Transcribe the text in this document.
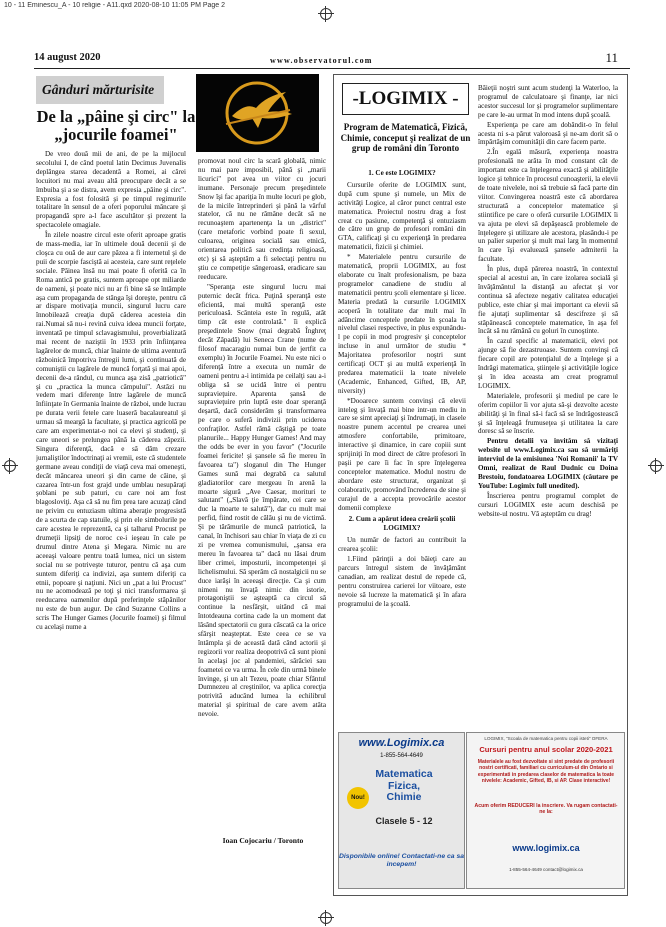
10 - 11 Eminescu_A - 10 religie - A11.qxd 2020-08-10 11:05 PM Page 2
14 august 2020	www.observatorul.com	11
Gânduri mărturisite
De la „pâine şi circ" la „jocurile foamei"

De vreo două mii de ani, de pe la mijlocul secolului I, de când poetul latin Decimus Juvenalis deplângea starea decadentă a Romei, ai cărei locuitori nu mai aveau altă preocupare decât a se îmbuiba şi a se distra, avem expresia „pâine şi circ". Expresia a fost folosită şi pe timpul regimurile totalitare în sensul de a oferi poporului mâncare şi propagandă spre a-l face ascultător şi prezent la spectacolele omagiale.

În zilele noastre circul este oferit aproape gratis de mass-media, iar în ultimele două decenii şi de cloşca cu ouă de aur care păzea a fi internetul şi de puii de scorpie fasciştă ai acesteia, care sunt reţelele sociale. Pâinea însă nu mai poate fi oferită ca în Roma antică pe gratis, suntem aproape opt miliarde de oameni, şi poate nici nu ar fi bine să se întâmple aşa cum propaganda de stânga îşi doreşte, pentru că ar dispare motivaţia muncii, singurul lucru care înnobilează creaţia după căderea acesteia din rai.Numai să nu-i revină cuiva ideea muncii forţate, inventată pe timpul sclavagismului, proverbializată mai recent de naziştii în 1933 prin înfiinţarea lagărelor de muncă, chiar înainte de ultima aventură războinică împotriva întregii lumi, şi continuată de comuniştii cu lagărele de muncă forţată şi mai apoi, decenii de-a rândul, cu munca aşa zisă „patriotică" şi cu „practica la munca câmpului". Astăzi nu vedem mari diferenţe între lagărele de muncă înfiinţate în Germania înainte de război, unde lucrau pe durata verii fetele care luaseră bacalaureatul şi urmau să meargă la facultate, şi practica agricolă pe care am experimentat-o noi ca elevi şi studenţi, şi care uneori se prelungea până la căderea zăpezii. Singura diferenţă, dacă e să dăm crezare jurnaliştilor îndoctrinaţi ai vremii, este că studentele germane aveau condiţii de viaţă ceva mai omeneşti, decât mâncarea uneori şi din carne de câine, şi cazarea într-un fost grajd unde umblau nesupăraţi şoblani pe sub paturi, cu care noi am fost blagosloviţi. Aşa că să nu fim prea tare acuzaţi când ne privim cu entuziasm ultima aberaţie progresistă de a scurta de cap statuile, şi prin ele simbolurile pe care acestea le reprezentă, ca şi talharul Procust pe drumeţii lipsiţi de noroc ce-i ieşeau în cale pe drumul dintre Atena şi Megara. Nimic nu are aceeaşi valoare pentru toată lumea, nici un sistem social nu se potriveşte tuturor, pentru că aşa cum suntem diferiţi ca indivizi, aşa suntem diferiţi ca etnii, popoare şi naţiuni. Nici un „pat a lui Procust" nu ne acomodează pe toţi şi nici transformarea şi reeducarea oamenilor după preferinţele stăpânilor nu este de bun augur. De când Suzanne Collins a scris The Hunger Games (Jocurile foamei) şi filmul cu acelaşi nume a

promovat noul circ la scară globală, nimic nu mai pare imposibil, până şi „marii licurici" pot avea un viitor cu jocuri inumane. Personaje precum preşedintele Snow îşi fac apariţia în multe locuri pe glob, de la micile întreprinderi şi până la vârful statelor, că nu ne rămâne decât să ne recunoaştem apartenenţa la un „district" (care metaforic vorbind poate fi sexul, culoarea, originea socială sau etnică, orientarea politică sau credinţa religioasă, etc) şi să aşteptăm a fi selectaţi pentru nu ştiu ce competiţie sângeroasă, eradicare sau reeducare.

"Speranţa este singurul lucru mai puternic decât frica. Puţină speranţă este eficientă, mai multă speranţă este periculoasă. Scânteia este în regulă, atât timp cât este controlată." îi explică preşedintele Snow (mai degrabă Înghreţ decât Zăpadă) lui Seneca Crane (nume de filosof macaragiu numai bun de jertfit ca exemplu) în Jocurile Foamei. Nu este nici o diferenţă între a executa un număr de oameni pentru a-i intimida pe ceilalţi sau a-i obliga să se ucidă între ei pentru supravieţuire. Aparenta şansă de supravieţuire prin luptă este doar speranţă deşartă, dacă considerăm şi transformarea pe care o suferă indivizii prin uciderea confraţilor. Astfel rămâ câştigă pe toate planurile... Happy Hunger Games! And may the odds be ever in you favor" ("Jocurile foamei fericite! şi şansele să fie mereu în favoarea ta") sloganul din The Hunger Games sună mai degrabă ca salutul gladiatorilor care mergeau în arenă la moarte sigură „Ave Caesar, morituri te salutant" („Slavă ţie împărate, cei care se duc la moarte te salută"), dar cu mult mai perfid, fiind rostit de călău şi nu de victimă. Şi pe tărâmurile de muncă patriotică, la canal, în închisori sau chiar în viaţa de zi cu zi pe vremea comunismului, „şansa era mereu în favoarea ta" dacă nu lăsai drum liber crimei, imposturii, incompetenţei şi lichelismului. Să sperăm că nostalgicii nu se duce iarăşi în aceeaşi direcţie. Ca şi cum nimeni nu învaţă nimic din istorie, protagoniştii se aşteaptă ca circul să continue la nesfârşit, uitând că mai întotdeauna cortina cade la un moment dat lăsând spectatorii cu gura căscată ca la orice sfârşit neaşteptat. Este ceea ce se va întâmpla şi de această dată când actorii şi regizorii vor realiza deopotrivă că sunt pioni în acelaşi joc al pandemiei, sărăciei sau foametei ce va urma. În cele din urmă binele învinge, şi un alt Tezeu, poate chiar Sfântul Dumnezeu al creştinilor, va aplica corecţia potrivită aducând lumea la echilibrul material şi spiritual de care avem atâta nevoie.

Ioan Cojocariu / Toronto
-LOGIMIX -
Program de Matematică, Fizică, Chimie, conceput şi realizat de un grup de români din Toronto

1. Ce este LOGIMIX?

Cursurile oferite de LOGIMIX sunt, după cum spune şi numele, un Mix de activităţi Logice, al căror punct central este matematica. Proiectul nostru drag a fost creat cu pasiune, competenţă şi entuziasm de către un grup de profesori români din GTA, calificaţi şi cu experienţă în predarea matematicii, fizicii şi chimiei.

* Materialele pentru cursurile de matematică, proprii LOGIMIX, au fost elaborate cu înalt profesionalism, pe baza programelor canadiene de studiu al matematicii pentru şcoli elementare şi licee. Materia predată la cursurile LOGIMIX acoperă în totalitate dar mult mai în adâncime conceptele predate în şcoala la nivelul clasei respective, in plus expunându-l pe copii in mod progresiv şi conceptelor incluse in anul următor de studiu * Majoritatea profesorilor noştri sunt certificaţi OCT şi au multă experienţă în predarea matematicii la toate nivelele (Academic, Enhanced, Gifted, IB, AP, niversity)

*Dooarece suntem convinşi că elevii inteleg şi învaţă mai bine intr-un mediu in care se simt apreciaţi şi îndrumaţi, in clasele noastre punem accentul pe crearea unei atmosfere confortabile, primitoare, interactive şi dinamice, in care copiii sunt sprijiniţi în mod direct de către profesori în paşii pe care îi fac în spre înţelegerea conceptelor matematice. Modul nostru de abordare este structurat, organizat şi colaborativ, promovând încrederea de sine şi curajul de a accepta provocările acestor domenii complexe

2. Cum a apărut ideea creării şcolii LOGIMIX?

Un număr de factori au contribuit la crearea şcolii:

1.Fiind părinţii a doi băieţi care au parcurs întregul sistem de învăţământ canadian, am realizat destul de repede că, pentru construirea carierei lor viitoare, este nevoie să lucreze la matematică şi în afara programului de la şcoală.

Băieţii noştri sunt acum studenţi la Waterloo, la programul de calculatoare şi finanţe, iar nici acestor succesul lor şi programelor suplimentare pe care le-au urmat în mod intens după şcoală.

Experienţa pe care am dobândit-o în felul acesta ni s-a părut valoroasă şi ne-am dorit să o împărtăşim comunităţii din care facem parte.

2.În egală măsură, experienţa noastra profesională ne arăta în mod constant cât de important este ca înţelegerea exactă şi abilităţile logice şi tehnice în procesul cunoaşterii, la elevii de toate nivelele, noi să trebuie să facă parte din viitor. Convingerea noastră este că abordarea structurată a conceptelor matematice şi stiintifice pe care o oferă cursurile LOGIMIX îi va ajuta pe elevi să depăşească problemele de înţelegere şi utilizare ale acestora, plasându-i pe un palier superior şi mult mai larg în momentul în care îşi evaluează şansele admiterii la facultate.

În plus, după părerea noastră, în contextul special al acestui an, în care izolarea socială şi învăţământul la distanţă au afectat şi vor continua să afecteze negativ calitatea educaţiei publice, este chiar şi mai important ca elevii să fie ajutaţi suplimentar să descifreze şi să stăpânească conceptele matematice, în aşa fel încât să nu rămână cu goluri în cunoştinte.

În cazul specific al matematicii, elevi pot ajunge să fie dezastruoase. Suntem convinşi că fiecare copil are potenţialul de a înţelege şi a îndrăgi matematica, ştiinţele şi activităţile logice şi în idea aceasta am creat programul LOGIMIX.

Materialele, profesorii şi mediul pe care le oferim copiilor îi vor ajuta să-şi dezvolte aceste abilităţi şi în final să-i facă să se îndrăgostească şi să înţeleagă frumuseţea şi utilitatea la care doresc să se înscrie.

Pentru detalii va invităm să vizitaţi website ul www.Logimix.ca sau să urmăriţi interviul de la emisiunea 'Noi Romanii' la TV Omni, realizat de Raul Dudnic cu Doina Brestoiu, fondatoarea LOGIMIX (căutare pe YouTube: Logimix full unedited).

Înscrierea pentru programul complet de cursuri LOGIMIX este acum deschisă pe website-ul nostru. Vă aşteptăm cu drag!

www.Logimix.ca
1-855-564-4649
Matematica Fizica, Chimie
Nou!
Clasele 5 - 12
Disponibile online! Contactati-ne ca sa incepem!
LOGIMIX, "Scoala de matematica pentru copii isteti" OFERA
Cursuri pentru anul scolar 2020-2021
Materialele au fost dezvoltate si sint predate de profesorii nostri certificati, familiari cu curriculum-ul din Ontario si experimentati in predarea claselor de matematica la toate nivelele: Academic, Gifted, IB, si AP. Clase interactive!
Acum oferim REDUCERI la inscriere. Va rugam contactati-ne la:
www.logimix.ca
1-855-564-4649 contact@logimix.ca
